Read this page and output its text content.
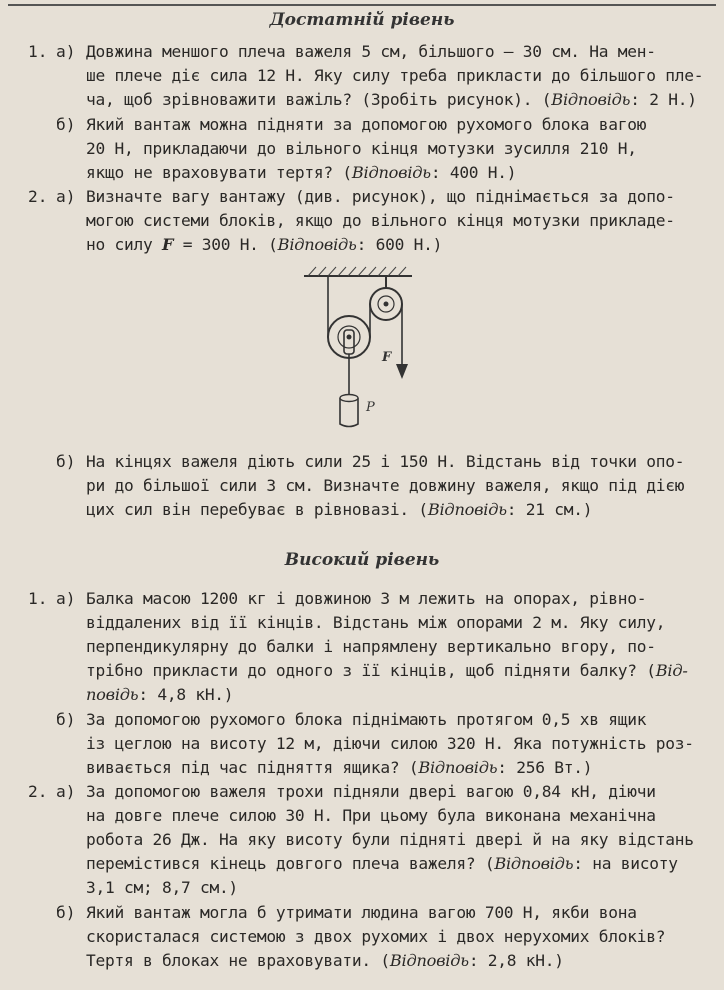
Достатній рівень
1. а) Довжина меншого плеча важеля 5 см, більшого — 30 см. На мен-
ше плече діє сила 12 Н. Яку силу треба прикласти до більшого пле-
ча, щоб зрівноважити важіль? (Зробіть рисунок). (Відповідь: 2 Н.)
б) Який вантаж можна підняти за допомогою рухомого блока вагою
20 Н, прикладаючи до вільного кінця мотузки зусилля 210 Н,
якщо не враховувати тертя? (Відповідь: 400 Н.)
2. а) Визначте вагу вантажу (див. рисунок), що піднімається за допо-
могою системи блоків, якщо до вільного кінця мотузки прикладе-
но силу F = 300 Н. (Відповідь: 600 Н.)
F
P
б) На кінцях важеля діють сили 25 і 150 Н. Відстань від точки опо-
ри до більшої сили 3 см. Визначте довжину важеля, якщо під дією
цих сил він перебуває в рівновазі. (Відповідь: 21 см.)
Високий рівень
1. а) Балка масою 1200 кг і довжиною 3 м лежить на опорах, рівно-
віддалених від її кінців. Відстань між опорами 2 м. Яку силу,
перпендикулярну до балки і напрямлену вертикально вгору, по-
трібно прикласти до одного з її кінців, щоб підняти балку? (Від-
повідь: 4,8 кН.)
б) За допомогою рухомого блока піднімають протягом 0,5 хв ящик
із цеглою на висоту 12 м, діючи силою 320 Н. Яка потужність роз-
вивається під час підняття ящика? (Відповідь: 256 Вт.)
2. а) За допомогою важеля трохи підняли двері вагою 0,84 кН, діючи
на довге плече силою 30 Н. При цьому була виконана механічна
робота 26 Дж. На яку висоту були підняті двері й на яку відстань
перемістився кінець довгого плеча важеля? (Відповідь: на висоту
3,1 см; 8,7 см.)
б) Який вантаж могла б утримати людина вагою 700 Н, якби вона
скористалася системою з двох рухомих і двох нерухомих блоків?
Тертя в блоках не враховувати. (Відповідь: 2,8 кН.)
